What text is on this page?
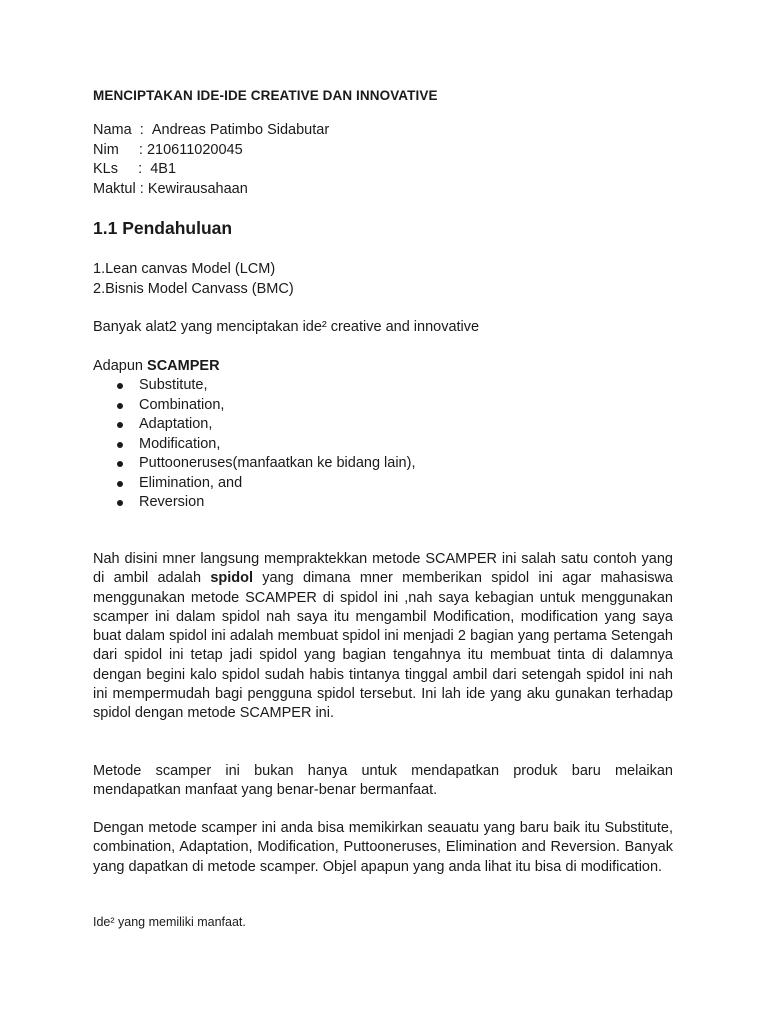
MENCIPTAKAN IDE-IDE CREATIVE DAN INNOVATIVE
Nama : Andreas Patimbo Sidabutar
Nim : 210611020045
KLs : 4B1
Maktul : Kewirausahaan
1.1 Pendahuluan
1.Lean canvas Model (LCM)
2.Bisnis Model Canvass (BMC)
Banyak alat2 yang menciptakan ide² creative and innovative
Adapun SCAMPER
Substitute,
Combination,
Adaptation,
Modification,
Puttooneruses(manfaatkan ke bidang lain),
Elimination, and
Reversion

Nah disini mner langsung mempraktekkan metode SCAMPER ini salah satu contoh yang di ambil adalah spidol yang dimana mner memberikan spidol ini agar mahasiswa menggunakan metode SCAMPER di spidol ini ,nah saya kebagian untuk menggunakan scamper ini dalam spidol nah saya itu mengambil Modification, modification yang saya buat dalam spidol ini adalah membuat spidol ini menjadi 2 bagian yang pertama Setengah dari spidol ini tetap jadi spidol yang bagian tengahnya itu membuat tinta di dalamnya dengan begini kalo spidol sudah habis tintanya tinggal ambil dari setengah spidol ini nah ini mempermudah bagi pengguna spidol tersebut. Ini lah ide yang aku gunakan terhadap spidol dengan metode SCAMPER ini.

Metode scamper ini bukan hanya untuk mendapatkan produk baru melaikan mendapatkan manfaat yang benar-benar bermanfaat.

Dengan metode scamper ini anda bisa memikirkan seauatu yang baru baik itu Substitute, combination, Adaptation, Modification, Puttooneruses, Elimination and Reversion. Banyak yang dapatkan di metode scamper. Objel apapun yang anda lihat itu bisa di modification.

Ide² yang memiliki manfaat.
